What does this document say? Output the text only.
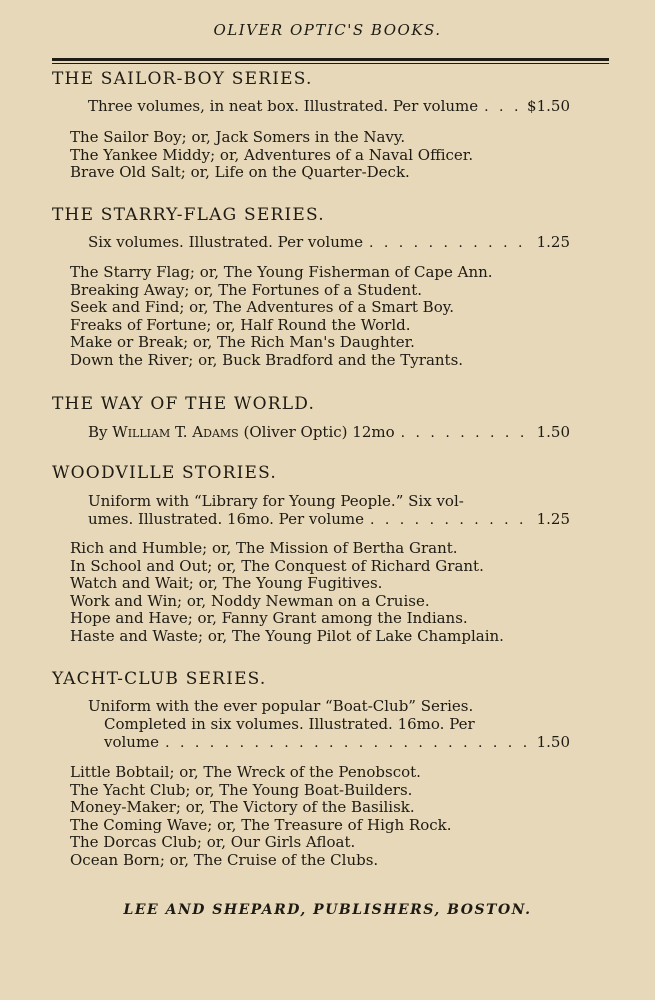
OLIVER OPTIC'S BOOKS.
THE SAILOR-BOY SERIES.
Three volumes, in neat box. Illustrated. Per volume . . .	$1.50
The Sailor Boy; or, Jack Somers in the Navy.
The Yankee Middy; or, Adventures of a Naval Officer.
Brave Old Salt; or, Life on the Quarter-Deck.
THE STARRY-FLAG SERIES.
Six volumes. Illustrated. Per volume . . .	1.25
The Starry Flag; or, The Young Fisherman of Cape Ann.
Breaking Away; or, The Fortunes of a Student.
Seek and Find; or, The Adventures of a Smart Boy.
Freaks of Fortune; or, Half Round the World.
Make or Break; or, The Rich Man's Daughter.
Down the River; or, Buck Bradford and the Tyrants.
THE WAY OF THE WORLD.
By William T. Adams (Oliver Optic) 12mo . . .	1.50
WOODVILLE STORIES.
Uniform with “Library for Young People.” Six vol-
umes. Illustrated. 16mo. Per volume . . .	1.25
Rich and Humble; or, The Mission of Bertha Grant.
In School and Out; or, The Conquest of Richard Grant.
Watch and Wait; or, The Young Fugitives.
Work and Win; or, Noddy Newman on a Cruise.
Hope and Have; or, Fanny Grant among the Indians.
Haste and Waste; or, The Young Pilot of Lake Champlain.
YACHT-CLUB SERIES.
Uniform with the ever popular “Boat-Club” Series.
Completed in six volumes. Illustrated. 16mo. Per
volume . . .	1.50
Little Bobtail; or, The Wreck of the Penobscot.
The Yacht Club; or, The Young Boat-Builders.
Money-Maker; or, The Victory of the Basilisk.
The Coming Wave; or, The Treasure of High Rock.
The Dorcas Club; or, Our Girls Afloat.
Ocean Born; or, The Cruise of the Clubs.
LEE AND SHEPARD, PUBLISHERS, BOSTON.
